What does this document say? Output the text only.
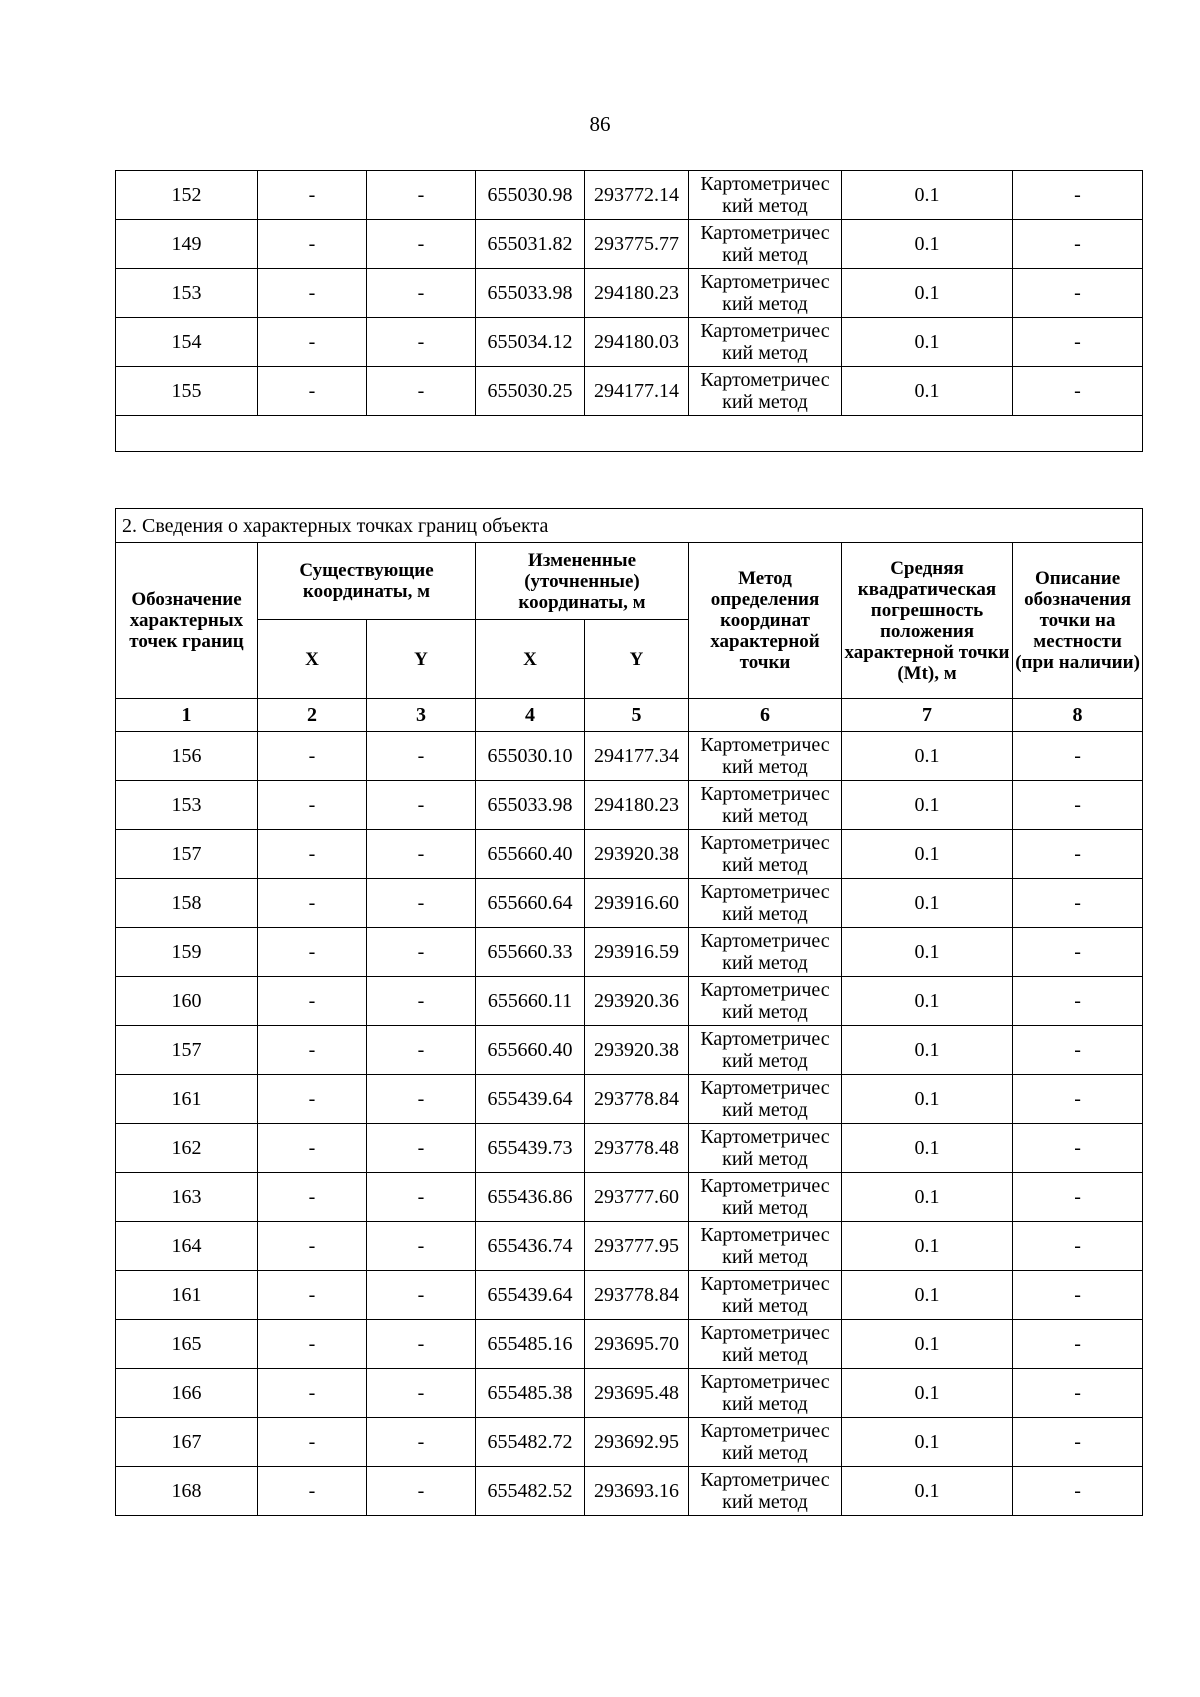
86
152	-	-	655030.98	293772.14	Картометричес кий метод	0.1	-
149	-	-	655031.82	293775.77	Картометричес кий метод	0.1	-
153	-	-	655033.98	294180.23	Картометричес кий метод	0.1	-
154	-	-	655034.12	294180.03	Картометричес кий метод	0.1	-
155	-	-	655030.25	294177.14	Картометричес кий метод	0.1	-

2. Сведения о характерных точках границ объекта							
Обозначение характерных точек границ	Существующие координаты, м		Измененные (уточненные) координаты, м		Метод определения координат характерной точки	Средняя квадратическая погрешность положения характерной точки (Mt), м	Описание обозначения точки на местности (при наличии)
	X	Y	X	Y			
1	2	3	4	5	6	7	8
156	-	-	655030.10	294177.34	Картометричес кий метод	0.1	-
153	-	-	655033.98	294180.23	Картометричес кий метод	0.1	-
157	-	-	655660.40	293920.38	Картометричес кий метод	0.1	-
158	-	-	655660.64	293916.60	Картометричес кий метод	0.1	-
159	-	-	655660.33	293916.59	Картометричес кий метод	0.1	-
160	-	-	655660.11	293920.36	Картометричес кий метод	0.1	-
157	-	-	655660.40	293920.38	Картометричес кий метод	0.1	-
161	-	-	655439.64	293778.84	Картометричес кий метод	0.1	-
162	-	-	655439.73	293778.48	Картометричес кий метод	0.1	-
163	-	-	655436.86	293777.60	Картометричес кий метод	0.1	-
164	-	-	655436.74	293777.95	Картометричес кий метод	0.1	-
161	-	-	655439.64	293778.84	Картометричес кий метод	0.1	-
165	-	-	655485.16	293695.70	Картометричес кий метод	0.1	-
166	-	-	655485.38	293695.48	Картометричес кий метод	0.1	-
167	-	-	655482.72	293692.95	Картометричес кий метод	0.1	-
168	-	-	655482.52	293693.16	Картометричес кий метод	0.1	-
